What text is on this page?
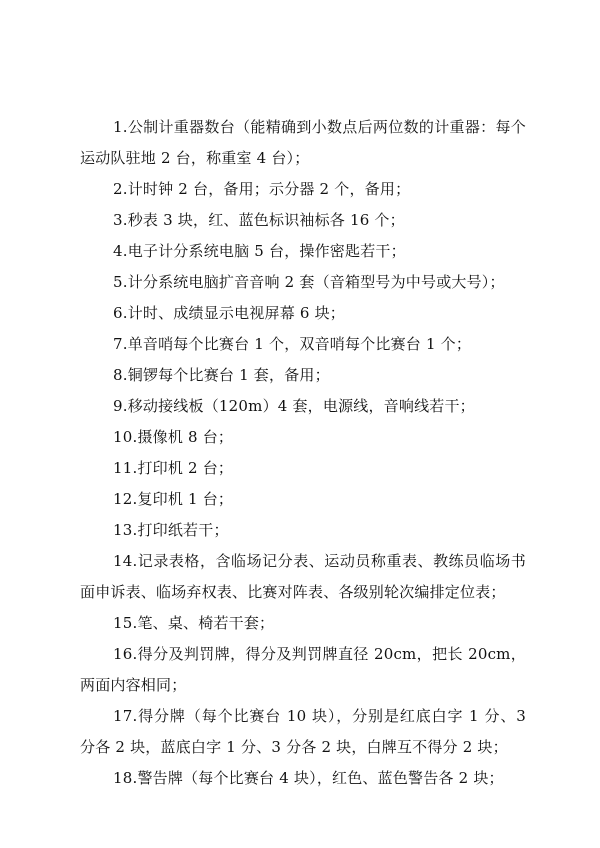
1.公制计重器数台（能精确到小数点后两位数的计重器：每个运动队驻地 2 台，称重室 4 台）；

2.计时钟 2 台，备用；示分器 2 个，备用；

3.秒表 3 块，红、蓝色标识袖标各 16 个；

4.电子计分系统电脑 5 台，操作密匙若干；

5.计分系统电脑扩音音响 2 套（音箱型号为中号或大号）；

6.计时、成绩显示电视屏幕 6 块；

7.单音哨每个比赛台 1 个，双音哨每个比赛台 1 个；

8.铜锣每个比赛台 1 套，备用；

9.移动接线板（120m）4 套，电源线，音响线若干；

10.摄像机 8 台；

11.打印机 2 台；

12.复印机 1 台；

13.打印纸若干；

14.记录表格，含临场记分表、运动员称重表、教练员临场书面申诉表、临场弃权表、比赛对阵表、各级别轮次编排定位表；

15.笔、桌、椅若干套；

16.得分及判罚牌，得分及判罚牌直径 20cm，把长 20cm，两面内容相同；

17.得分牌（每个比赛台 10 块），分别是红底白字 1 分、3 分各 2 块，蓝底白字 1 分、3 分各 2 块，白牌互不得分 2 块；

18.警告牌（每个比赛台 4 块），红色、蓝色警告各 2 块；
